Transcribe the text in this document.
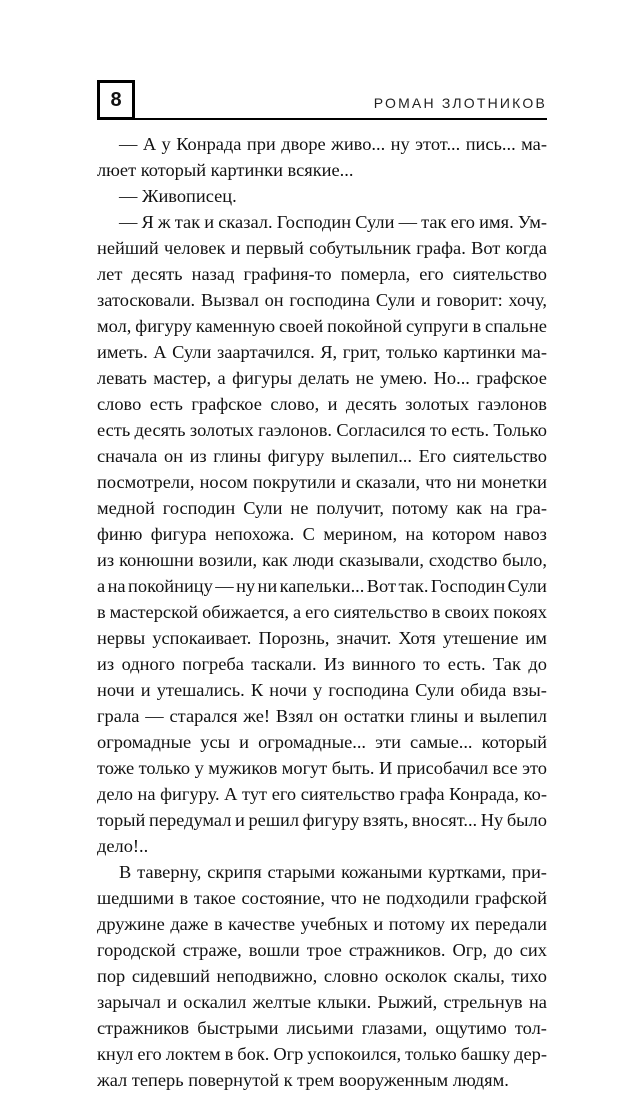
8	РОМАН ЗЛОТНИКОВ
— А у Конрада при дворе живо... ну этот... пись... ма-
люет который картинки всякие...
— Живописец.
— Я ж так и сказал. Господин Сули — так его имя. Ум-
нейший человек и первый собутыльник графа. Вот когда
лет десять назад графиня-то померла, его сиятельство
затосковали. Вызвал он господина Сули и говорит: хочу,
мол, фигуру каменную своей покойной супруги в спальне
иметь. А Сули заартачился. Я, грит, только картинки ма-
левать мастер, а фигуры делать не умею. Но... графское
слово есть графское слово, и десять золотых гаэлонов
есть десять золотых гаэлонов. Согласился то есть. Только
сначала он из глины фигуру вылепил... Его сиятельство
посмотрели, носом покрутили и сказали, что ни монетки
медной господин Сули не получит, потому как на гра-
финю фигура непохожа. С мерином, на котором навоз
из конюшни возили, как люди сказывали, сходство было,
а на покойницу — ну ни капельки... Вот так. Господин Сули
в мастерской обижается, а его сиятельство в своих покоях
нервы успокаивает. Порознь, значит. Хотя утешение им
из одного погреба таскали. Из винного то есть. Так до
ночи и утешались. К ночи у господина Сули обида взы-
грала — старался же! Взял он остатки глины и вылепил
огромадные усы и огромадные... эти самые... который
тоже только у мужиков могут быть. И присобачил все это
дело на фигуру. А тут его сиятельство графа Конрада, ко-
торый передумал и решил фигуру взять, вносят... Ну было
дело!..
В таверну, скрипя старыми кожаными куртками, при-
шедшими в такое состояние, что не подходили графской
дружине даже в качестве учебных и потому их передали
городской страже, вошли трое стражников. Огр, до сих
пор сидевший неподвижно, словно осколок скалы, тихо
зарычал и оскалил желтые клыки. Рыжий, стрельнув на
стражников быстрыми лисьими глазами, ощутимо тол-
кнул его локтем в бок. Огр успокоился, только башку дер-
жал теперь повернутой к трем вооруженным людям.
